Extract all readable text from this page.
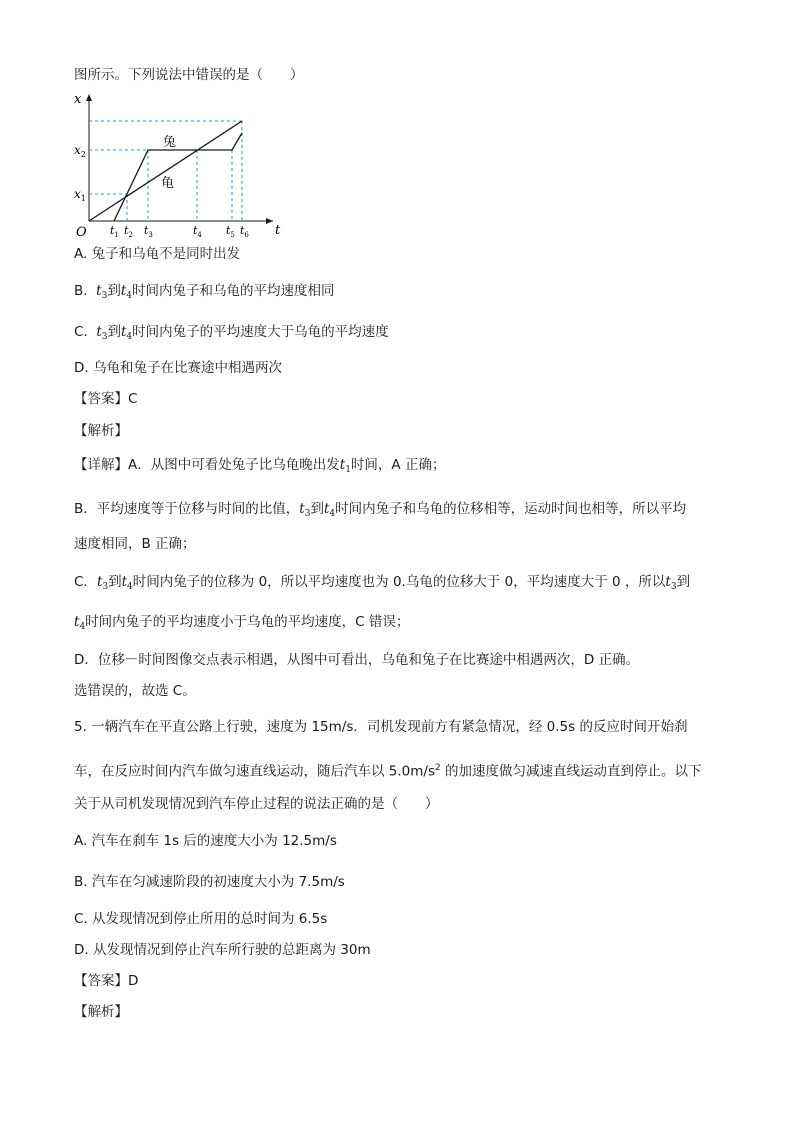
图所示。下列说法中错误的是（　　）
x
t
O
$x_2$
$x_1$
$t_1$ $t_2$ $t_3$	$t_4$ $t_5$ $t_6$
兔
龟
A. 兔子和乌龟不是同时出发
B. $t_3$到$t_4$时间内兔子和乌龟的平均速度相同
C. $t_3$到$t_4$时间内兔子的平均速度大于乌龟的平均速度
D. 乌龟和兔子在比赛途中相遇两次
【答案】C
【解析】
【详解】A．从图中可看处兔子比乌龟晚出发$t_1$时间，A 正确；
B．平均速度等于位移与时间的比值，$t_3$到$t_4$时间内兔子和乌龟的位移相等，运动时间也相等，所以平均
速度相同，B 正确；
C．$t_3$到$t_4$时间内兔子的位移为 0，所以平均速度也为 0.乌龟的位移大于 0，平均速度大于 0 ，所以$t_3$到
$t_4$时间内兔子的平均速度小于乌龟的平均速度，C 错误；
D．位移－时间图像交点表示相遇，从图中可看出，乌龟和兔子在比赛途中相遇两次，D 正确。
选错误的，故选 C。
5. 一辆汽车在平直公路上行驶，速度为 15m/s．司机发现前方有紧急情况，经 0.5s 的反应时间开始刹
车，在反应时间内汽车做匀速直线运动，随后汽车以 $5.0m/s^2$ 的加速度做匀减速直线运动直到停止。以下
关于从司机发现情况到汽车停止过程的说法正确的是（　　）
A. 汽车在刹车 1s 后的速度大小为 12.5m/s
B. 汽车在匀减速阶段的初速度大小为 7.5m/s
C. 从发现情况到停止所用的总时间为 6.5s
D. 从发现情况到停止汽车所行驶的总距离为 30m
【答案】D
【解析】
